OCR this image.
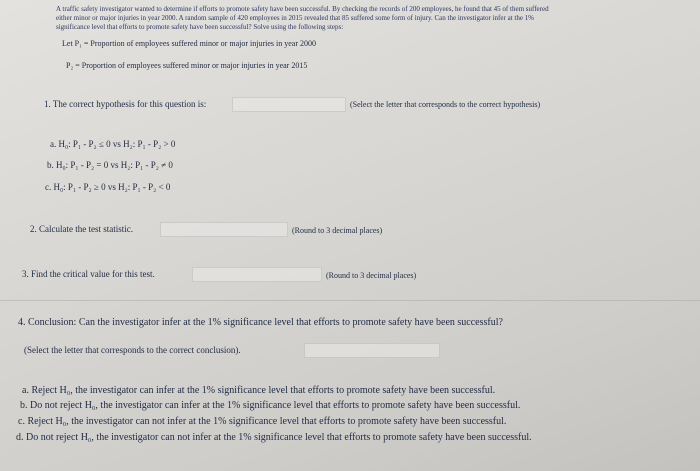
A traffic safety investigator wanted to determine if efforts to promote safety have been successful. By checking the records of 200 employees, he found that 45 of them suffered
either minor or major injuries in year 2000. A random sample of 420 employees in 2015 revealed that 85 suffered some form of injury. Can the investigator infer at the 1%
significance level that efforts to promote safety have been successful? Solve using the following steps:
Let P₁ = Proportion of employees suffered minor or major injuries in year 2000
P₂ = Proportion of employees suffered minor or major injuries in year 2015
1. The correct hypothesis for this question is:	(Select the letter that corresponds to the correct hypothesis)
a. H₀: P₁ - P₂ ≤ 0 vs H₂: P₁ - P₂ > 0
b. H₀: P₁ - P₂ = 0 vs H₂: P₁ - P₂ ≠ 0
c. H₀: P₁ - P₂ ≥ 0 vs H₂: P₁ - P₂ < 0
2. Calculate the test statistic.	(Round to 3 decimal places)
3. Find the critical value for this test.	(Round to 3 decimal places)
4. Conclusion: Can the investigator infer at the 1% significance level that efforts to promote safety have been successful?
(Select the letter that corresponds to the correct conclusion).
a. Reject H₀, the investigator can infer at the 1% significance level that efforts to promote safety have been successful.
b. Do not reject H₀, the investigator can infer at the 1% significance level that efforts to promote safety have been successful.
c. Reject H₀, the investigator can not infer at the 1% significance level that efforts to promote safety have been successful.
d. Do not reject H₀, the investigator can not infer at the 1% significance level that efforts to promote safety have been successful.
